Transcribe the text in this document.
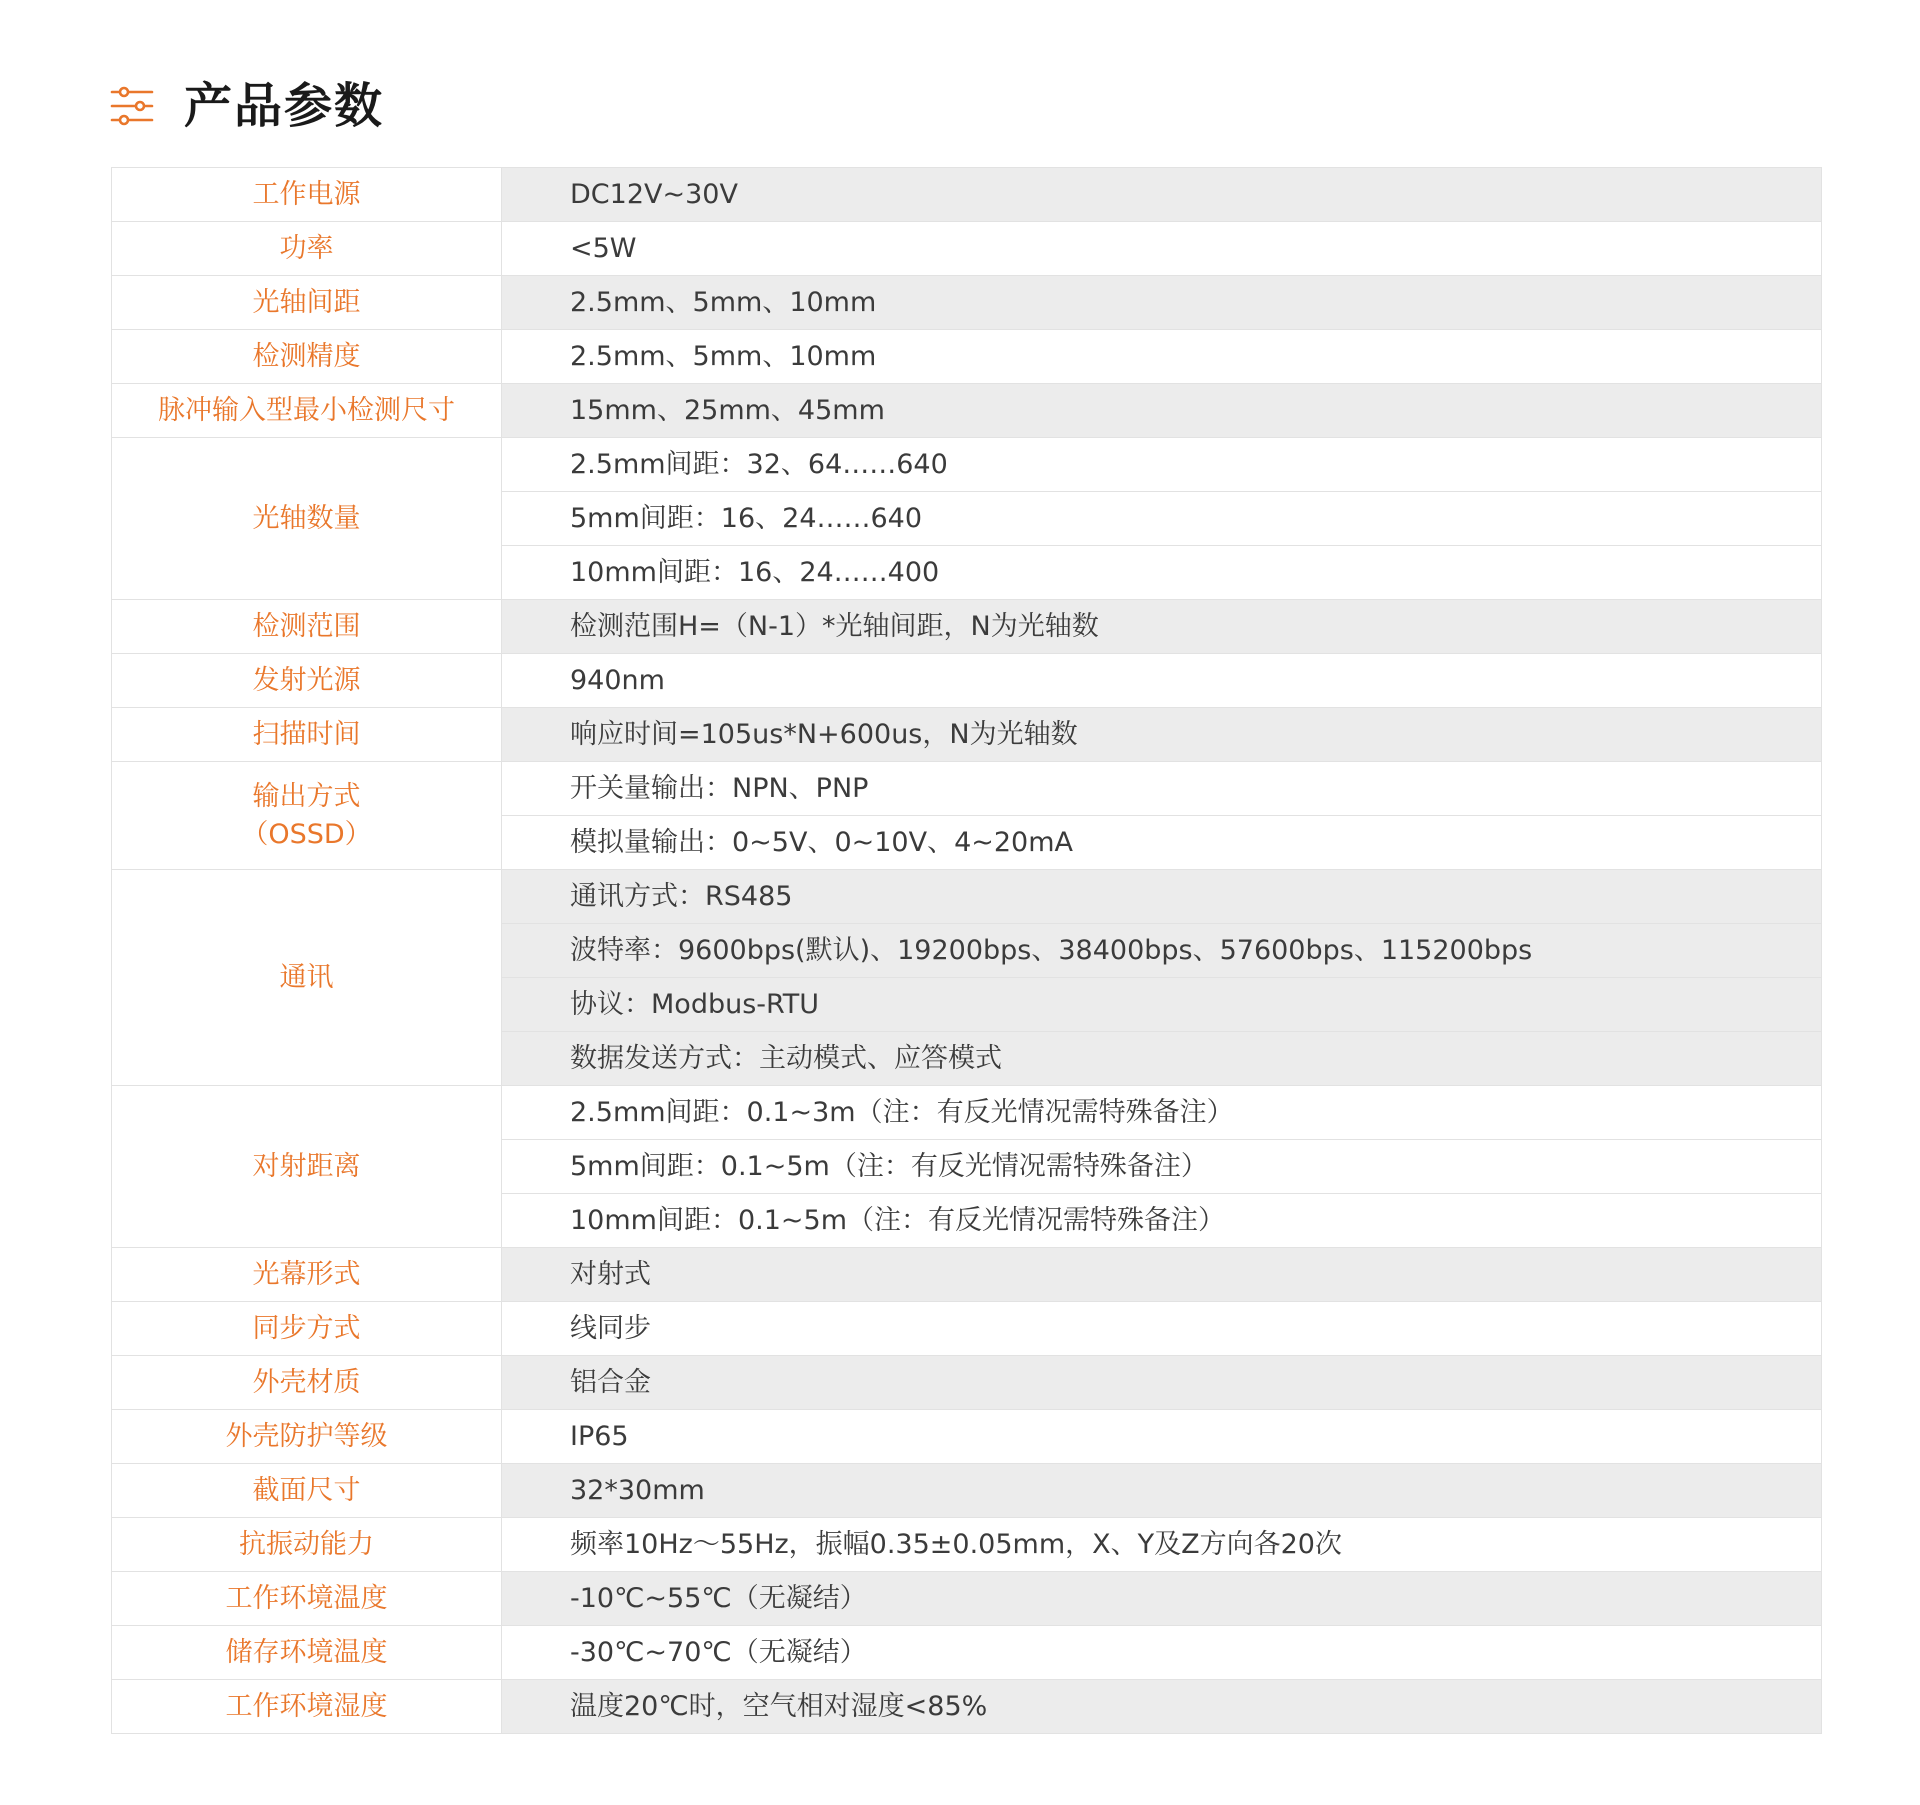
产品参数
工作电源	DC12V~30V

功率	<5W

光轴间距	2.5mm、5mm、10mm

检测精度	2.5mm、5mm、10mm

脉冲输入型最小检测尺寸	15mm、25mm、45mm

光轴数量	2.5mm间距：32、64……640
	5mm间距：16、24……640
	10mm间距：16、24……400

检测范围	检测范围H=（N-1）*光轴间距，N为光轴数

发射光源	940nm

扫描时间	响应时间=105us*N+600us，N为光轴数

输出方式
（OSSD）	开关量输出：NPN、PNP
	模拟量输出：0~5V、0~10V、4~20mA

通讯	通讯方式：RS485
	波特率：9600bps(默认)、19200bps、38400bps、57600bps、115200bps
	协议：Modbus-RTU
	数据发送方式：主动模式、应答模式

对射距离	2.5mm间距：0.1~3m（注：有反光情况需特殊备注）
	5mm间距：0.1~5m（注：有反光情况需特殊备注）
	10mm间距：0.1~5m（注：有反光情况需特殊备注）

光幕形式	对射式

同步方式	线同步

外壳材质	铝合金

外壳防护等级	IP65

截面尺寸	32*30mm

抗振动能力	频率10Hz～55Hz，振幅0.35±0.05mm，X、Y及Z方向各20次

工作环境温度	-10℃~55℃（无凝结）

储存环境温度	-30℃~70℃（无凝结）

工作环境湿度	温度20℃时，空气相对湿度<85%
